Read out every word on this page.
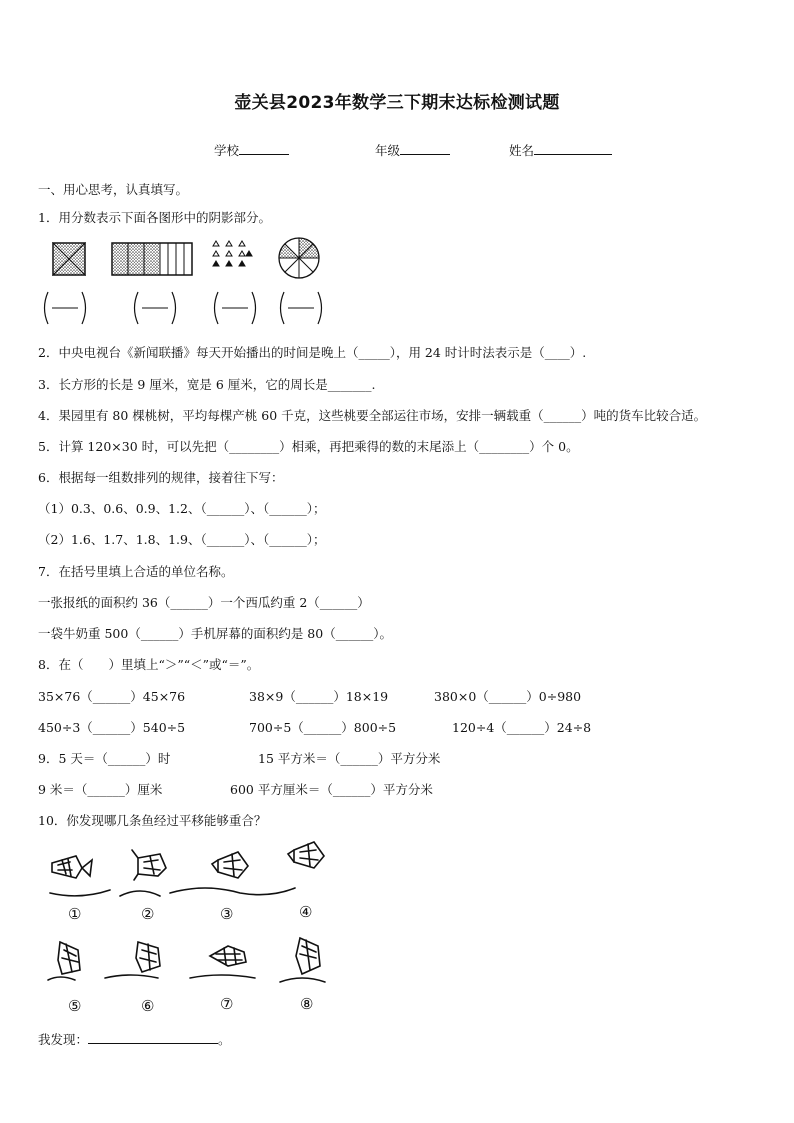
壶关县2023年数学三下期末达标检测试题
学校	年级	姓名
一、用心思考，认真填写。
1．用分数表示下面各图形中的阴影部分。
2．中央电视台《新闻联播》每天开始播出的时间是晚上（_____），用 24 时计时法表示是（____）.
3．长方形的长是 9 厘米，宽是 6 厘米，它的周长是_______.
4．果园里有 80 棵桃树，平均每棵产桃 60 千克，这些桃要全部运往市场，安排一辆载重（______）吨的货车比较合适。
5．计算 120×30 时，可以先把（________）相乘，再把乘得的数的末尾添上（________）个 0。
6．根据每一组数排列的规律，接着往下写：
（1）0.3、0.6、0.9、1.2、（______）、（______）；
（2）1.6、1.7、1.8、1.9、（______）、（______）；
7．在括号里填上合适的单位名称。
一张报纸的面积约 36（______）一个西瓜约重 2（______）
一袋牛奶重 500（______）手机屏幕的面积约是 80（______）。
8．在（　　）里填上“＞”“＜”或“＝”。
35×76（______）45×76	38×9（______）18×19	380×0（______）0÷980
450÷3（______）540÷5	700÷5（______）800÷5	120÷4（______）24÷8
9．5 天＝（______）时	15 平方米＝（______）平方分米
9 米＝（______）厘米	600 平方厘米＝（______）平方分米
10．你发现哪几条鱼经过平移能够重合？
①	②	③	④
⑤	⑥	⑦	⑧
我发现：	。
